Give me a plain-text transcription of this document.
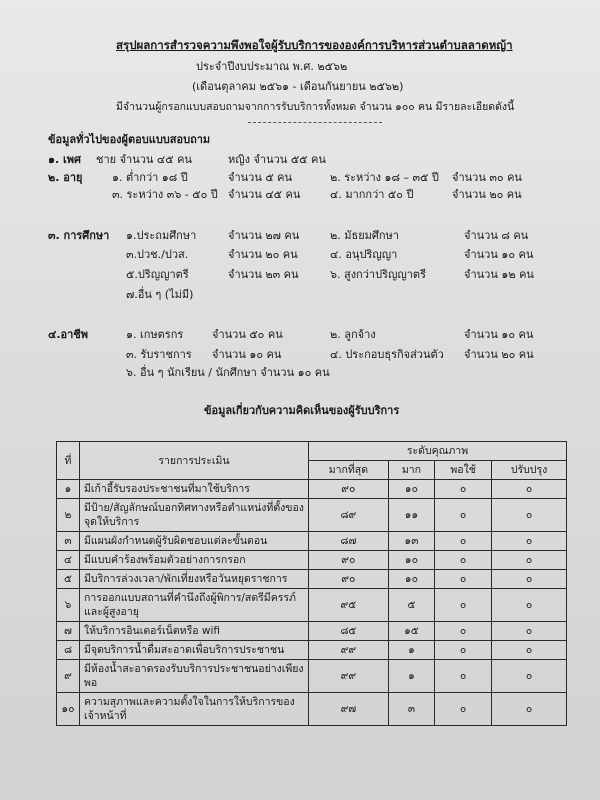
สรุปผลการสำรวจความพึงพอใจผู้รับบริการขององค์การบริหารส่วนตำบลลาดหญ้า
ประจำปีงบประมาณ พ.ศ. ๒๕๖๒
(เดือนตุลาคม ๒๕๖๑ - เดือนกันยายน ๒๕๖๒)
มีจำนวนผู้กรอกแบบสอบถามจากการรับบริการทั้งหมด จำนวน ๑๐๐ คน มีรายละเอียดดังนี้
ข้อมูลทั่วไปของผู้ตอบแบบสอบถาม
๑. เพศ ชาย จำนวน ๔๕ คน	หญิง จำนวน ๕๕ คน
๒. อายุ	๑. ต่ำกว่า ๑๘ ปี	จำนวน ๕ คน	๒. ระหว่าง ๑๘ – ๓๕ ปี จำนวน ๓๐ คน
๓. ระหว่าง ๓๖ - ๕๐ ปี จำนวน ๔๕ คน	๔. มากกว่า ๕๐ ปี	จำนวน ๒๐ คน
๓. การศึกษา ๑.ประถมศึกษา	จำนวน ๒๗ คน	๒. มัธยมศึกษา	จำนวน ๘ คน
๓.ปวช./ปวส.	จำนวน ๒๐ คน	๔. อนุปริญญา	จำนวน ๑๐ คน
๕.ปริญญาตรี	จำนวน ๒๓ คน	๖. สูงกว่าปริญญาตรี	จำนวน ๑๒ คน
๗.อื่น ๆ (ไม่มี)
๔.อาชีพ	๑. เกษตรกร	จำนวน ๕๐ คน	๒. ลูกจ้าง	จำนวน ๑๐ คน
๓. รับราชการ จำนวน ๑๐ คน	๔. ประกอบธุรกิจส่วนตัว จำนวน ๒๐ คน
๖. อื่น ๆ นักเรียน / นักศึกษา จำนวน ๑๐ คน
ข้อมูลเกี่ยวกับความคิดเห็นของผู้รับบริการ
ที่	รายการประเมิน	ระดับคุณภาพ			
		มากที่สุด	มาก	พอใช้	ปรับปรุง
๑	มีเก้าอี้รับรองประชาชนที่มาใช้บริการ	๙๐	๑๐	๐	๐
๒	มีป้าย/สัญลักษณ์บอกทิศทางหรือตำแหน่งที่ตั้งของจุดให้บริการ	๘๙	๑๑	๐	๐
๓	มีแผนผังกำหนดผู้รับผิดชอบแต่ละขั้นตอน	๘๗	๑๓	๐	๐
๔	มีแบบคำร้องพร้อมตัวอย่างการกรอก	๙๐	๑๐	๐	๐
๕	มีบริการล่วงเวลา/พักเที่ยงหรือวันหยุดราชการ	๙๐	๑๐	๐	๐
๖	การออกแบบสถานที่คำนึงถึงผู้พิการ/สตรีมีครรภ์และผู้สูงอายุ	๙๕	๕	๐	๐
๗	ให้บริการอินเตอร์เน็ตหรือ wifi	๘๕	๑๕	๐	๐
๘	มีจุดบริการน้ำดื่มสะอาดเพื่อบริการประชาชน	๙๙	๑	๐	๐
๙	มีห้องน้ำสะอาดรองรับบริการประชาชนอย่างเพียงพอ	๙๙	๑	๐	๐
๑๐	ความสุภาพและความตั้งใจในการให้บริการของเจ้าหน้าที่	๙๗	๓	๐	๐
